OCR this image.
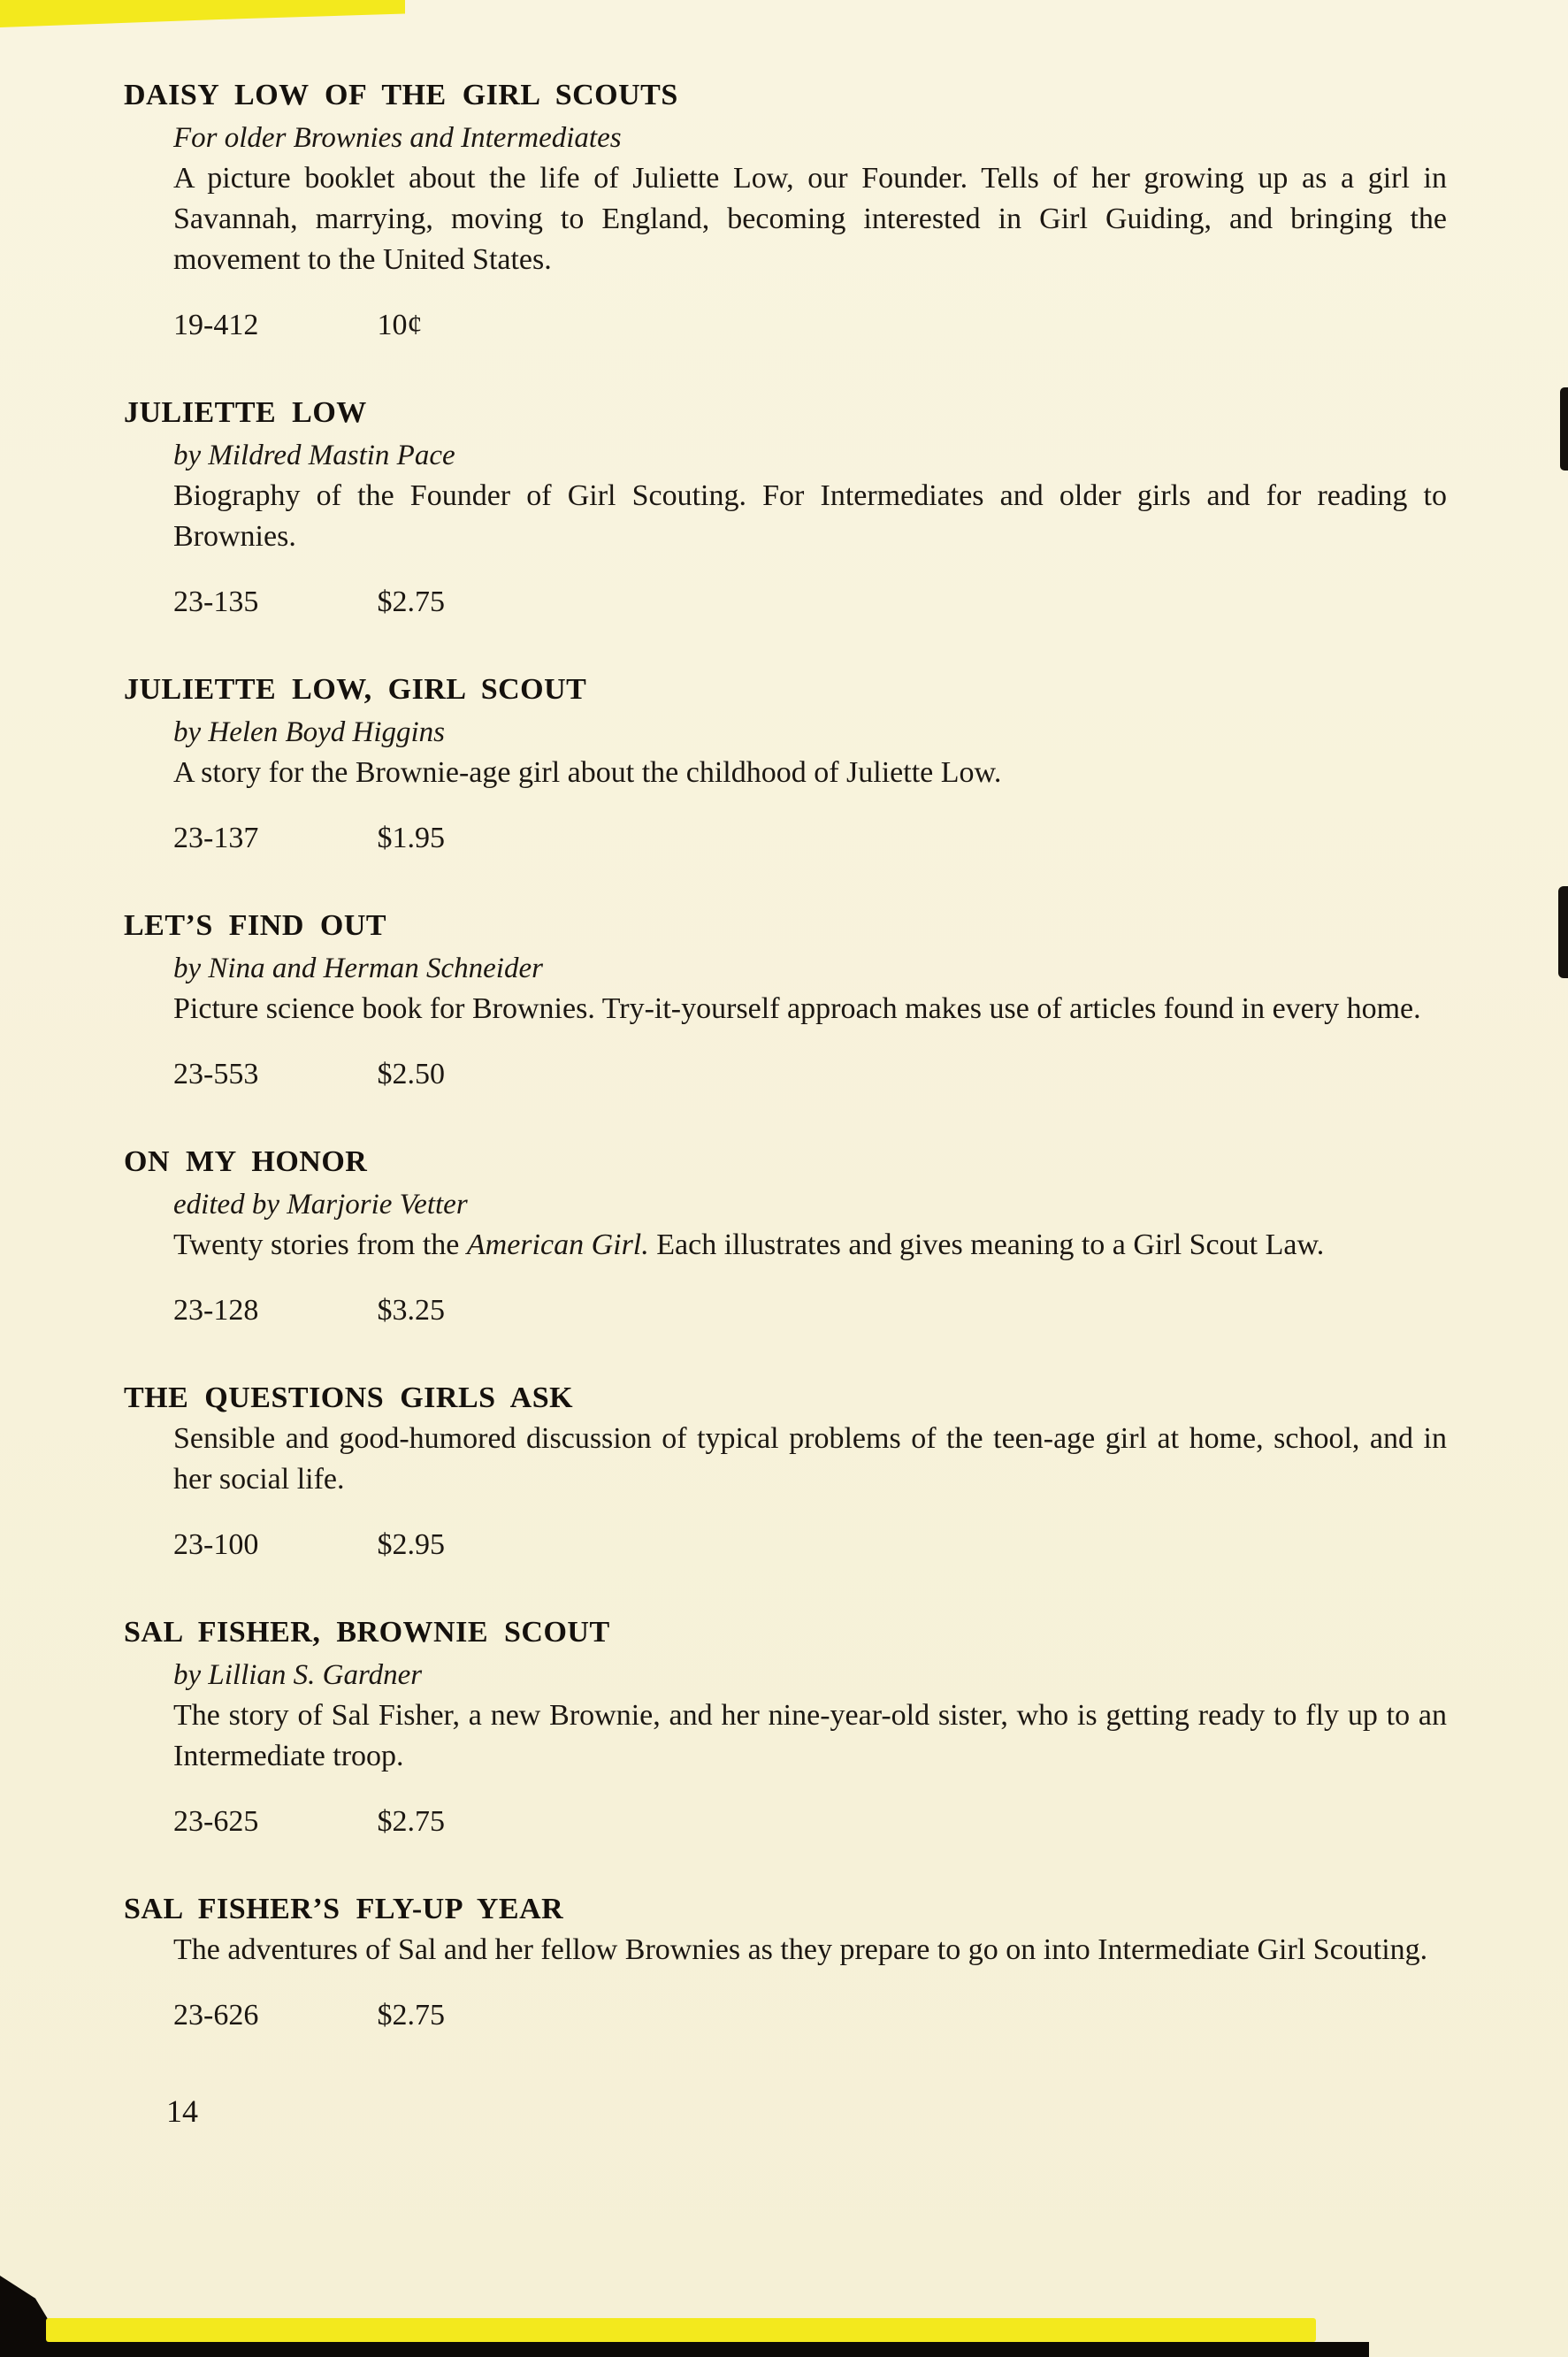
DAISY LOW OF THE GIRL SCOUTS

For older Brownies and Intermediates

A picture booklet about the life of Juliette Low, our Founder. Tells of her growing up as a girl in Savannah, marrying, moving to England, becoming interested in Girl Guiding, and bringing the movement to the United States.

19-412	10¢

JULIETTE LOW

by Mildred Mastin Pace

Biography of the Founder of Girl Scouting. For Intermediates and older girls and for reading to Brownies.

23-135	$2.75

JULIETTE LOW, GIRL SCOUT

by Helen Boyd Higgins

A story for the Brownie-age girl about the childhood of Juliette Low.

23-137	$1.95

LET’S FIND OUT

by Nina and Herman Schneider

Picture science book for Brownies. Try-it-yourself approach makes use of articles found in every home.

23-553	$2.50

ON MY HONOR

edited by Marjorie Vetter

Twenty stories from the American Girl. Each illustrates and gives meaning to a Girl Scout Law.

23-128	$3.25

THE QUESTIONS GIRLS ASK

Sensible and good-humored discussion of typical problems of the teen-age girl at home, school, and in her social life.

23-100	$2.95

SAL FISHER, BROWNIE SCOUT

by Lillian S. Gardner

The story of Sal Fisher, a new Brownie, and her nine-year-old sister, who is getting ready to fly up to an Intermediate troop.

23-625	$2.75

SAL FISHER’S FLY-UP YEAR

The adventures of Sal and her fellow Brownies as they prepare to go on into Intermediate Girl Scouting.

23-626	$2.75

14
